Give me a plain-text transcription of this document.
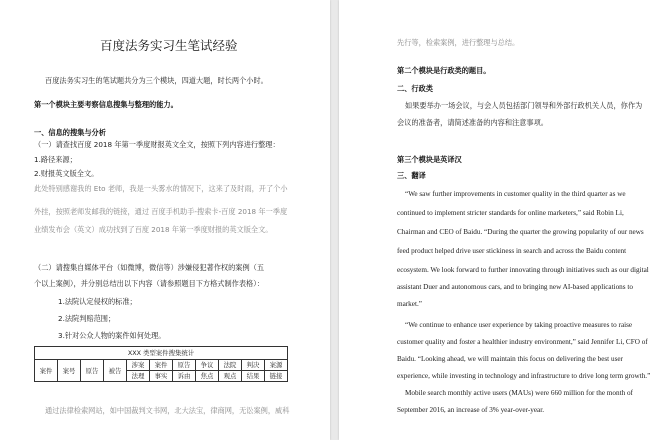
百度法务实习生笔试经验
百度法务实习生的笔试题共分为三个模块，四道大题，时长两个小时。
第一个模块主要考察信息搜集与整理的能力。
一、信息的搜集与分析
（一）请查找百度 2018 年第一季度财报英文全文，按照下列内容进行整理：
1.路径来源；
2.财报英文版全文。
此处特别感谢我的 Eto 老师，我是一头雾水的情况下，这来了及时雨，开了个小
外挂，按照老师发邮我的链接，通过 百度手机助手-搜索卡-百度 2018 年一季度
业绩发布会（英文）成功找到了百度 2018 年第一季度财报的英文版全文。
（二）请搜集自媒体平台（如微博，微信等）涉嫌侵犯著作权的案例（五
个以上案例），并分别总结出以下内容（请参照题目下方格式制作表格）：
1.法院认定侵权的标准；
2.法院判赔范围；
3.针对公众人物的案件如何处理。
XXX 类型案件搜集统计										
案件	案号	原告	被告	涉案	案件	原告	争议	法院	判决	案源
				法理	事实	诉由	焦点	观点	结果	链接
通过法律检索网站，如中国裁判文书网，北大法宝，律商网，无讼案例，威科
先行等，检索案例，进行整理与总结。
第二个模块是行政类的题目。
二、行政类
如果要举办一场会议，与会人员包括部门领导和外部行政机关人员，你作为
会议的准备者，请简述准备的内容和注意事项。
第三个模块是英译汉
三、翻译
“We saw further improvements in customer quality in the third quarter as we
continued to implement stricter standards for online marketers,” said Robin Li,
Chairman and CEO of Baidu. “During the quarter the growing popularity of our news
feed product helped drive user stickiness in search and across the Baidu content
ecosystem. We look forward to further innovating through initiatives such as our digital
assistant Duer and autonomous cars, and to bringing new AI-based applications to
market.”
“We continue to enhance user experience by taking proactive measures to raise
customer quality and foster a healthier industry environment,” said Jennifer Li, CFO of
Baidu. “Looking ahead, we will maintain this focus on delivering the best user
experience, while investing in technology and infrastructure to drive long term growth.”
Mobile search monthly active users (MAUs) were 660 million for the month of
September 2016, an increase of 3% year-over-year.
